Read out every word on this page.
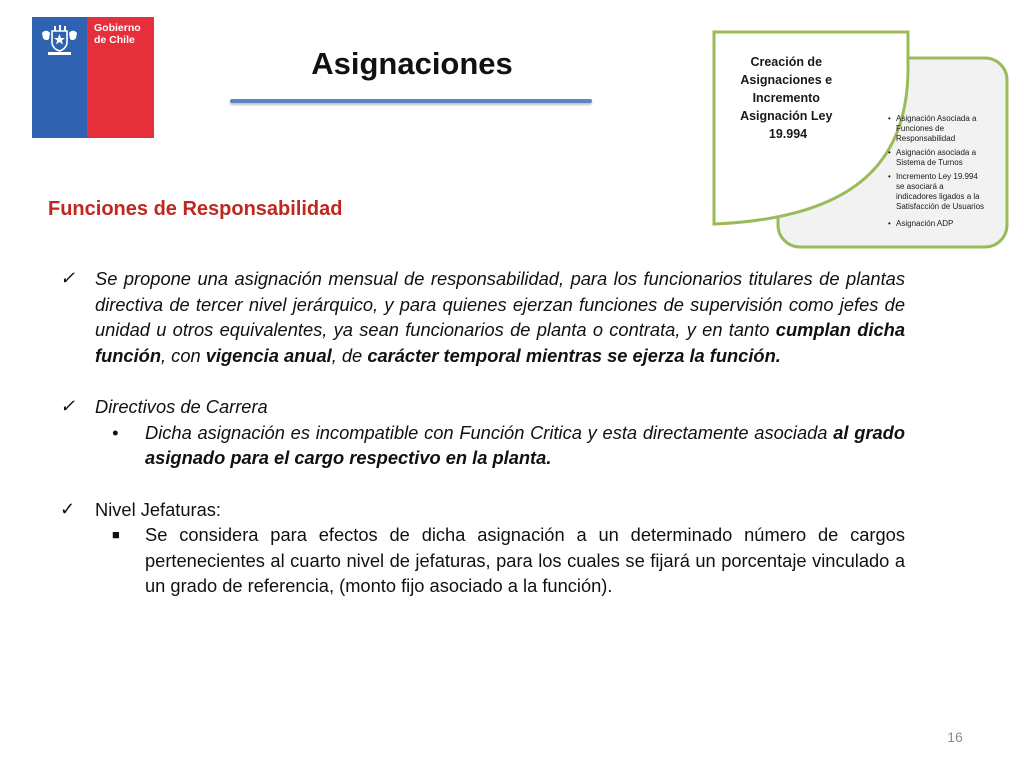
Gobierno
de Chile
Asignaciones	Creación de Asignaciones e Incremento Asignación Ley 19.994
• Asignación Asociada a Funciones de Responsabilidad
• Asignación asociada a Sistema de Turnos
• Incremento Ley 19.994 se asociará a indicadores ligados a la Satisfacción de Usuarios
• Asignación ADP
Funciones de Responsabilidad
✓	Se propone una asignación mensual de responsabilidad, para los funcionarios titulares de plantas directiva de tercer nivel jerárquico, y para quienes ejerzan funciones de supervisión como jefes de unidad u otros equivalentes, ya sean funcionarios de planta o contrata, y en tanto cumplan dicha función, con vigencia anual, de carácter temporal mientras se ejerza la función.
✓	Directivos de Carrera
•	Dicha asignación es incompatible con Función Critica y esta directamente asociada al grado asignado para el cargo respectivo en la planta.
✓	Nivel Jefaturas:
■	Se considera para efectos de dicha asignación a un determinado número de cargos pertenecientes al cuarto nivel de jefaturas, para los cuales se fijará un porcentaje vinculado a un grado de referencia, (monto fijo asociado a la función).
16
